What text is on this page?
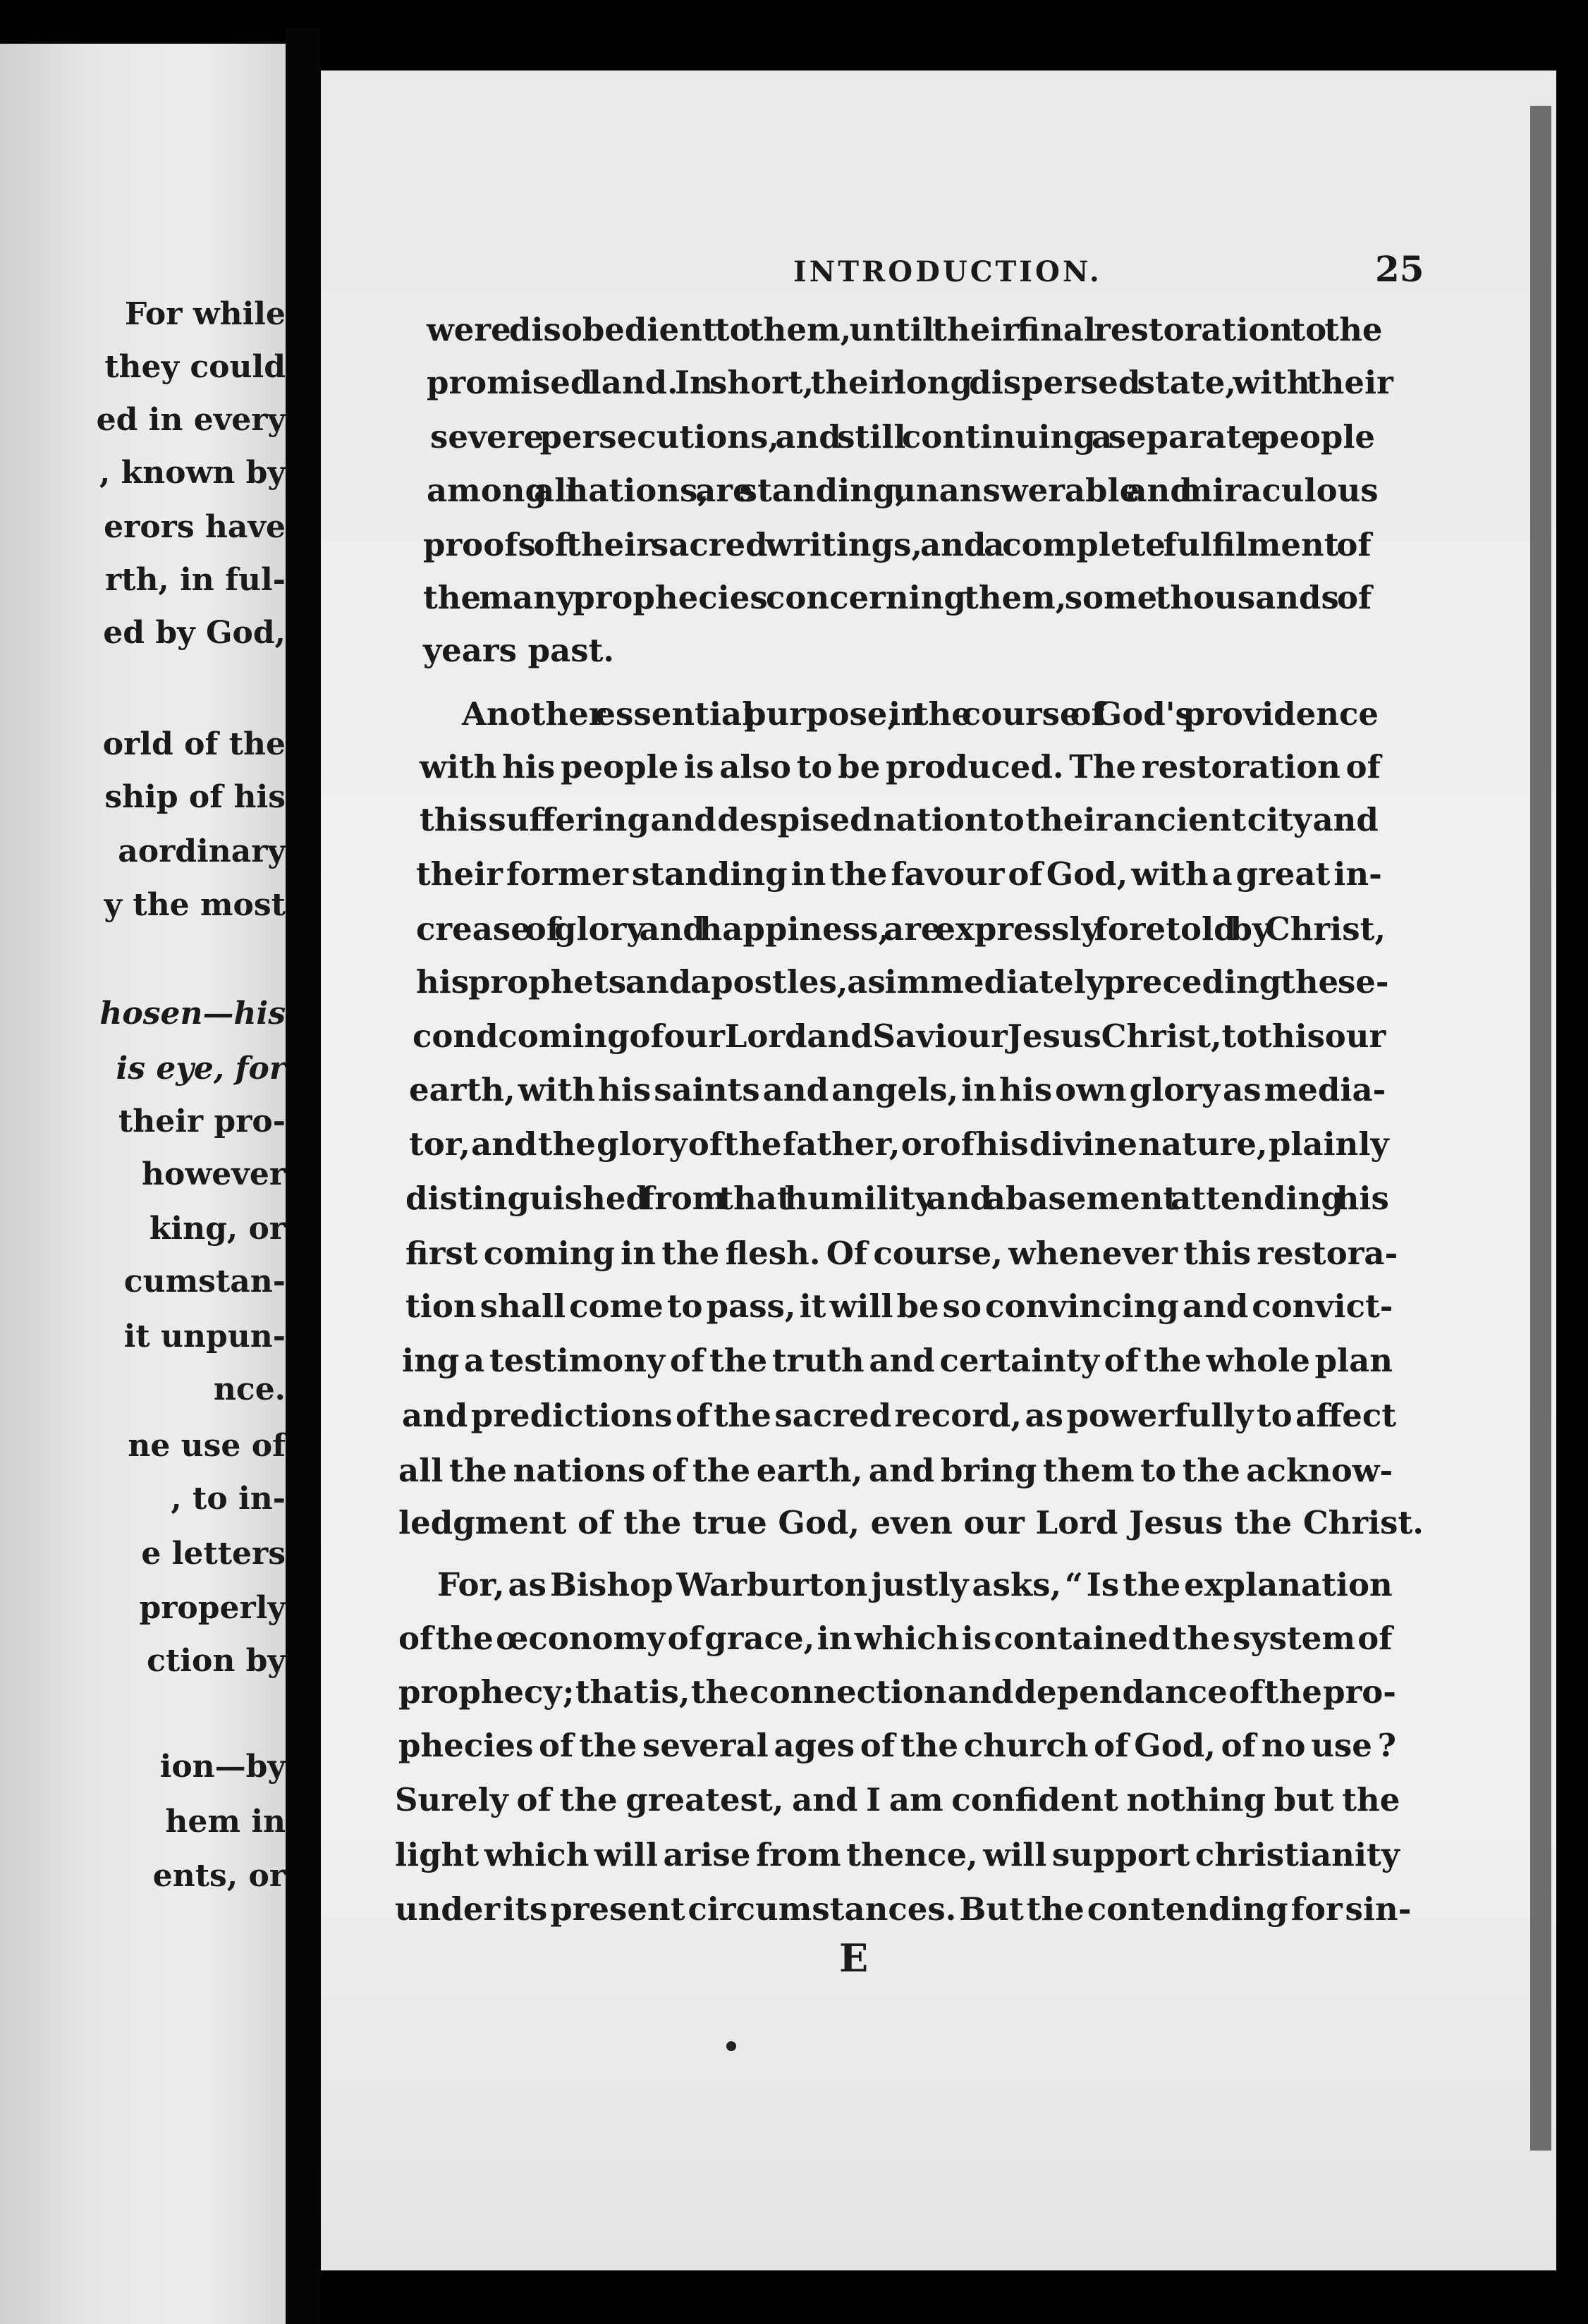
For while
they could
ed in every
, known by
erors have
rth, in ful-
ed by God,
orld of the
ship of his
aordinary
y the most
hosen—his
is eye, for
their pro-
however
king, or
cumstan-
it unpun-
nce.
ne use of
, to in-
e letters
properly
ction by
ion—by
hem in
ents, or
INTRODUCTION.	25
were disobedient to them, until their final restoration to the
promised land. In short, their long dispersed state, with their
severe persecutions, and still continuing a separate people
among all nations, are standing, unanswerable and miraculous
proofs of their sacred writings, and a complete fulfilment of
the many prophecies concerning them, some thousands of
years past.
Another essential purpose, in the course of God's providence
with his people is also to be produced. The restoration of
this suffering and despised nation to their ancient city and
their former standing in the favour of God, with a great in-
crease of glory and happiness, are expressly foretold by Christ,
his prophets and apostles, as immediately preceding the se-
cond coming of our Lord and Saviour Jesus Christ, to this our
earth, with his saints and angels, in his own glory as media-
tor, and the glory of the father, or of his divine nature, plainly
distinguished from that humility and abasement attending his
first coming in the flesh. Of course, whenever this restora-
tion shall come to pass, it will be so convincing and convict-
ing a testimony of the truth and certainty of the whole plan
and predictions of the sacred record, as powerfully to affect
all the nations of the earth, and bring them to the acknow-
ledgment of the true God, even our Lord Jesus the Christ.
For, as Bishop Warburton justly asks, “ Is the explanation
of the œconomy of grace, in which is contained the system of
prophecy ; that is, the connection and dependance of the pro-
phecies of the several ages of the church of God, of no use ?
Surely of the greatest, and I am confident nothing but the
light which will arise from thence, will support christianity
under its present circumstances. But the contending for sin-
E
